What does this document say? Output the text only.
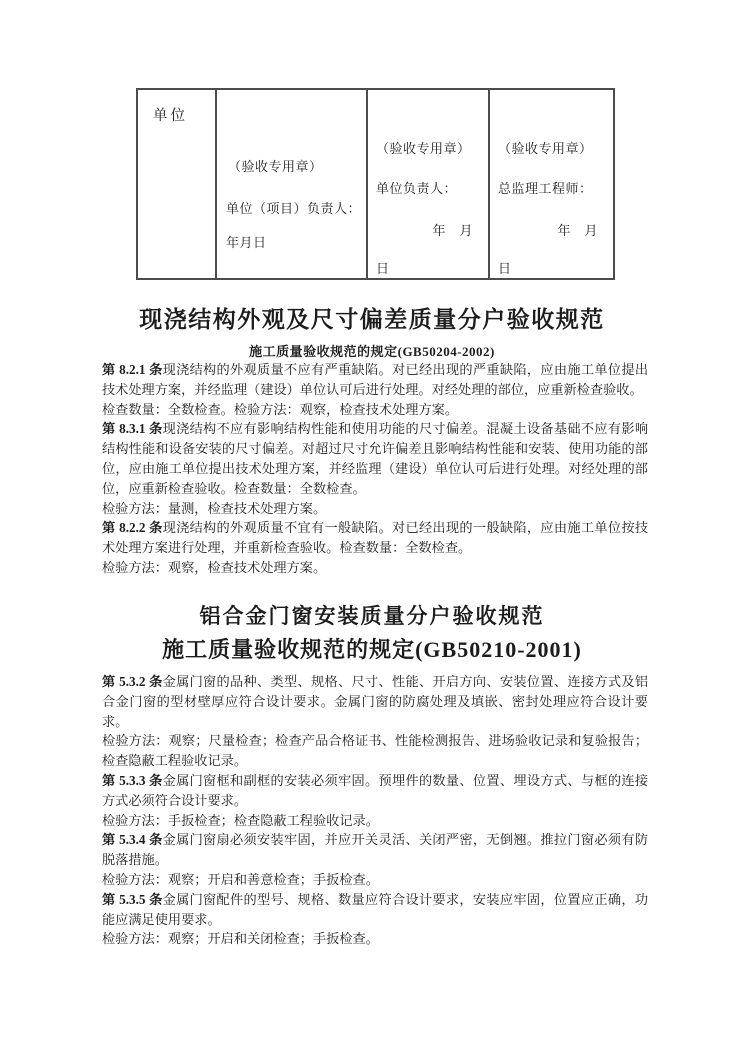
单位
（验收专用章）
单位（项目）负责人：
年月日
（验收专用章）
单位负责人：
年　月
日
（验收专用章）
总监理工程师：
年　月
日
现浇结构外观及尺寸偏差质量分户验收规范
施工质量验收规范的规定(GB50204-2002)

第 8.2.1 条现浇结构的外观质量不应有严重缺陷。对已经出现的严重缺陷，应由施工单位提出技术处理方案，并经监理（建设）单位认可后进行处理。对经处理的部位，应重新检查验收。

检查数量：全数检查。检验方法：观察，检查技术处理方案。

第 8.3.1 条现浇结构不应有影响结构性能和使用功能的尺寸偏差。混凝土设备基础不应有影响结构性能和设备安装的尺寸偏差。对超过尺寸允许偏差且影响结构性能和安装、使用功能的部位，应由施工单位提出技术处理方案，并经监理（建设）单位认可后进行处理。对经处理的部位，应重新检查验收。检查数量：全数检查。

检验方法：量测，检查技术处理方案。

第 8.2.2 条现浇结构的外观质量不宜有一般缺陷。对已经出现的一般缺陷，应由施工单位按技术处理方案进行处理，并重新检查验收。检查数量：全数检查。

检验方法：观察，检查技术处理方案。

铝合金门窗安装质量分户验收规范
施工质量验收规范的规定(GB50210-2001)

第 5.3.2 条金属门窗的品种、类型、规格、尺寸、性能、开启方向、安装位置、连接方式及铝合金门窗的型材壁厚应符合设计要求。金属门窗的防腐处理及填嵌、密封处理应符合设计要求。

检验方法：观察；尺量检查；检查产品合格证书、性能检测报告、进场验收记录和复验报告；检查隐蔽工程验收记录。

第 5.3.3 条金属门窗框和副框的安装必须牢固。预埋件的数量、位置、埋设方式、与框的连接方式必须符合设计要求。

检验方法：手扳检查；检查隐蔽工程验收记录。

第 5.3.4 条金属门窗扇必须安装牢固，并应开关灵活、关闭严密，无倒翘。推拉门窗必须有防脱落措施。

检验方法：观察；开启和善意检查；手扳检查。

第 5.3.5 条金属门窗配件的型号、规格、数量应符合设计要求，安装应牢固，位置应正确，功能应满足使用要求。

检验方法：观察；开启和关闭检查；手扳检查。
